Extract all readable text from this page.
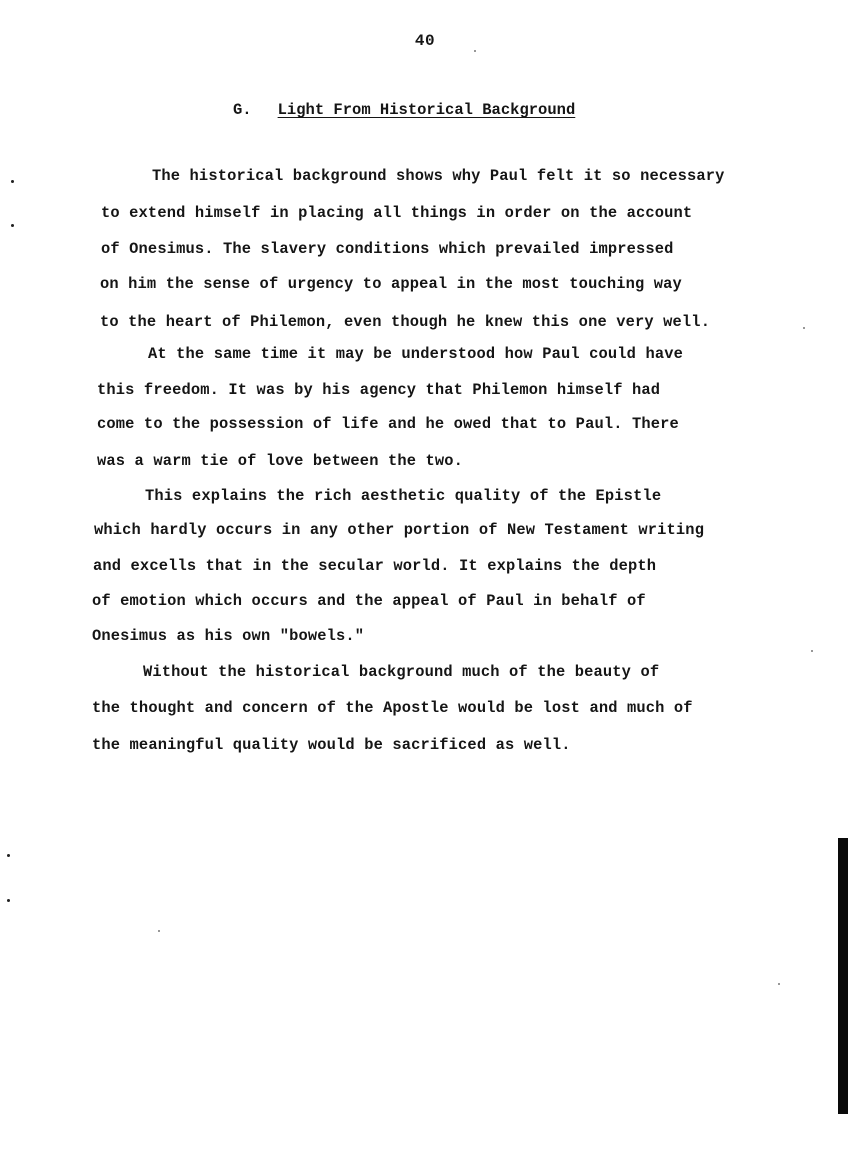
40
G. Light From Historical Background
The historical background shows why Paul felt it so necessary
to extend himself in placing all things in order on the account
of Onesimus. The slavery conditions which prevailed impressed
on him the sense of urgency to appeal in the most touching way
to the heart of Philemon, even though he knew this one very well.
At the same time it may be understood how Paul could have
this freedom. It was by his agency that Philemon himself had
come to the possession of life and he owed that to Paul. There
was a warm tie of love between the two.
This explains the rich aesthetic quality of the Epistle
which hardly occurs in any other portion of New Testament writing
and excells that in the secular world. It explains the depth
of emotion which occurs and the appeal of Paul in behalf of
Onesimus as his own "bowels."
Without the historical background much of the beauty of
the thought and concern of the Apostle would be lost and much of
the meaningful quality would be sacrificed as well.
